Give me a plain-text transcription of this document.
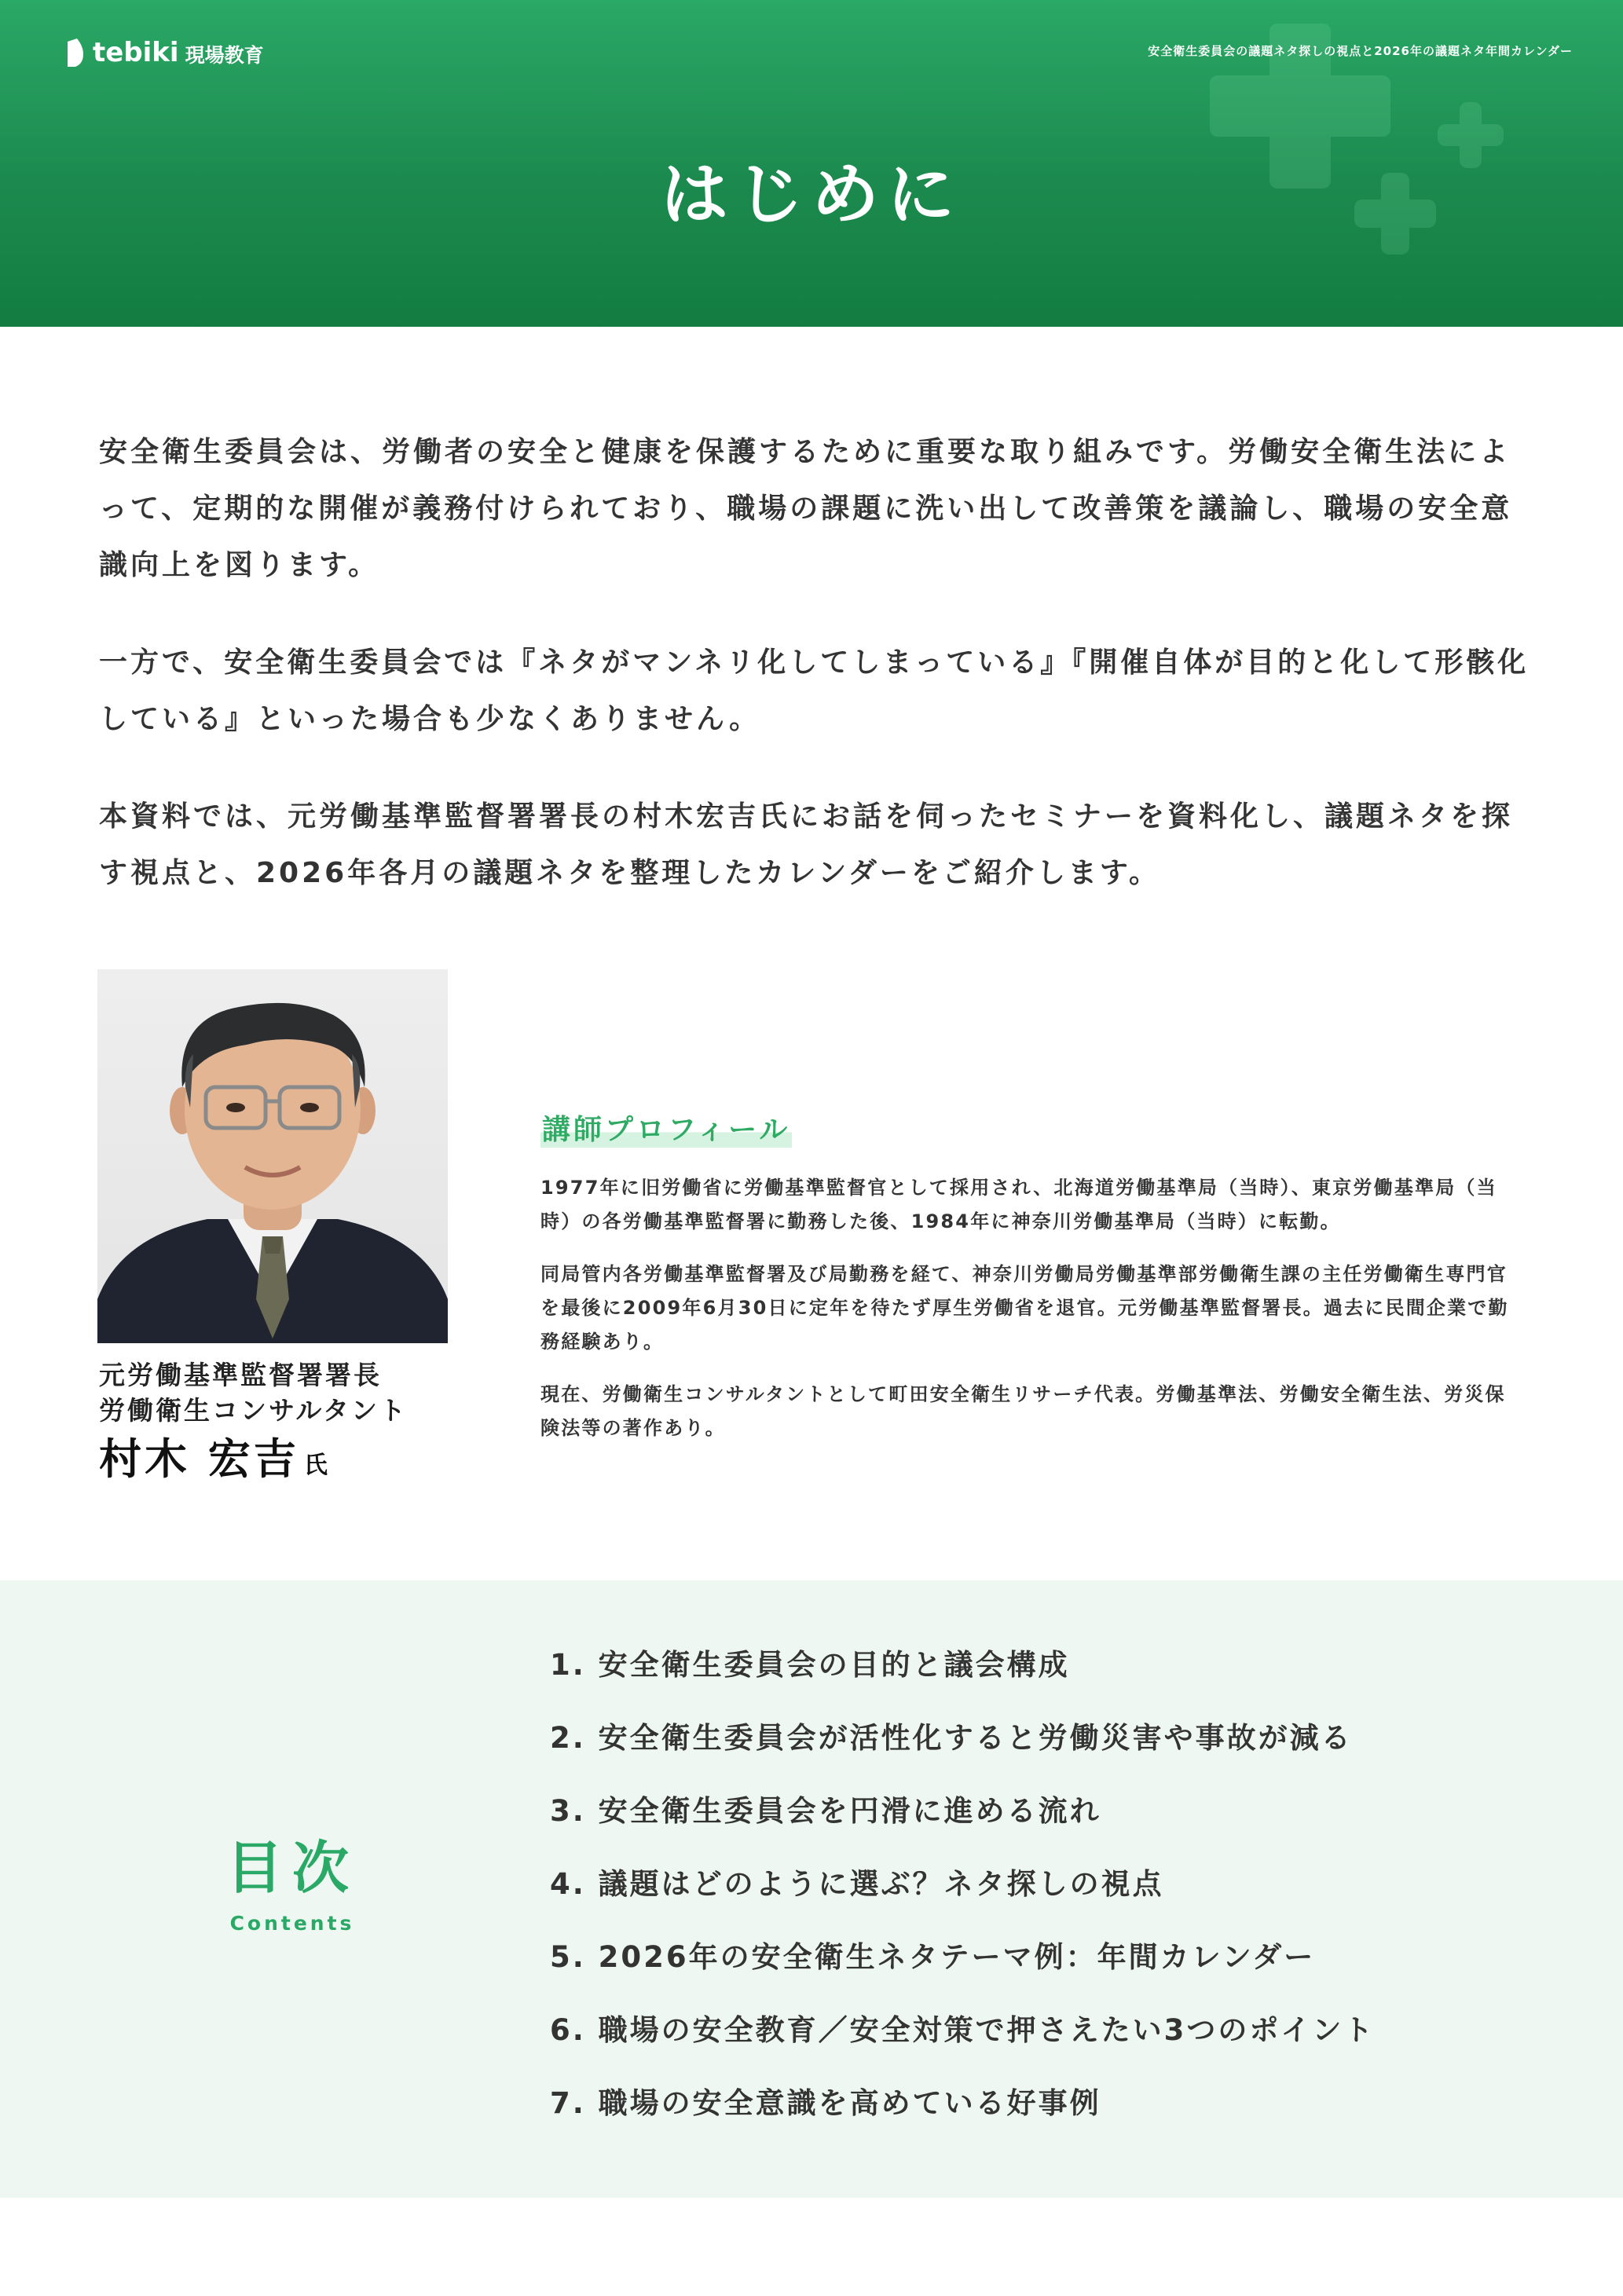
tebiki 現場教育	安全衛生委員会の議題ネタ探しの視点と2026年の議題ネタ年間カレンダー
はじめに

安全衛生委員会は、労働者の安全と健康を保護するために重要な取り組みです。労働安全衛生法によって、定期的な開催が義務付けられており、職場の課題に洗い出して改善策を議論し、職場の安全意識向上を図ります。

一方で、安全衛生委員会では『ネタがマンネリ化してしまっている』『開催自体が目的と化して形骸化している』といった場合も少なくありません。

本資料では、元労働基準監督署署長の村木宏吉氏にお話を伺ったセミナーを資料化し、議題ネタを探す視点と、2026年各月の議題ネタを整理したカレンダーをご紹介します。

元労働基準監督署署長
労働衛生コンサルタント
村木 宏吉 氏
講師プロフィール

1977年に旧労働省に労働基準監督官として採用され、北海道労働基準局（当時）、東京労働基準局（当時）の各労働基準監督署に勤務した後、1984年に神奈川労働基準局（当時）に転勤。

同局管内各労働基準監督署及び局勤務を経て、神奈川労働局労働基準部労働衛生課の主任労働衛生専門官を最後に2009年6月30日に定年を待たず厚生労働省を退官。元労働基準監督署長。過去に民間企業で勤務経験あり。

現在、労働衛生コンサルタントとして町田安全衛生リサーチ代表。労働基準法、労働安全衛生法、労災保険法等の著作あり。

目次
Contents
1. 安全衛生委員会の目的と議会構成
2. 安全衛生委員会が活性化すると労働災害や事故が減る
3. 安全衛生委員会を円滑に進める流れ
4. 議題はどのように選ぶ？ネタ探しの視点
5. 2026年の安全衛生ネタテーマ例：年間カレンダー
6. 職場の安全教育／安全対策で押さえたい3つのポイント
7. 職場の安全意識を高めている好事例
